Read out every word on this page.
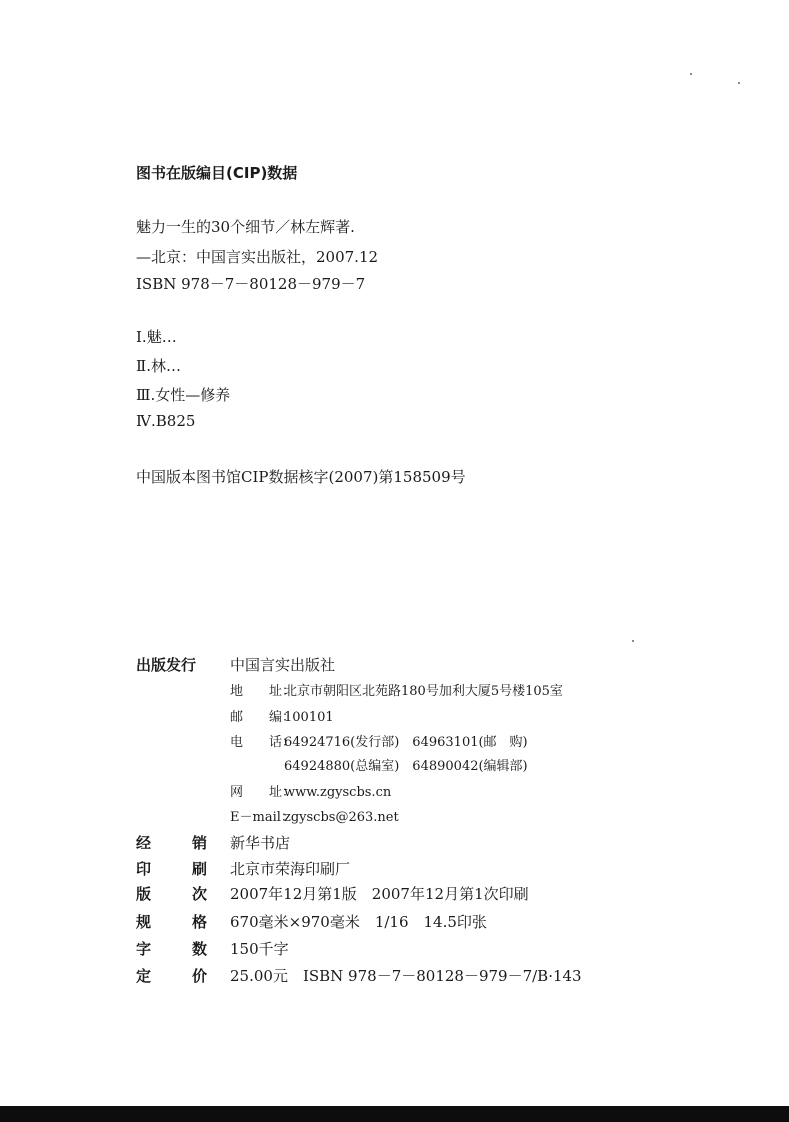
图书在版编目(CIP)数据
魅力一生的30个细节／林左辉著.
—北京：中国言实出版社，2007.12
ISBN 978－7－80128－979－7
Ⅰ.魅…
Ⅱ.林…
Ⅲ.女性—修养
Ⅳ.B825
中国版本图书馆CIP数据核字(2007)第158509号
出版发行 中国言实出版社
地　　址：北京市朝阳区北苑路180号加利大厦5号楼105室
邮　　编：100101
电　　话：64924716(发行部)　64963101(邮　购)
64924880(总编室)　64890042(编辑部)
网　　址：www.zgyscbs.cn
E－mail：zgyscbs@263.net
经	销 新华书店
印	刷 北京市荣海印刷厂
版	次 2007年12月第1版　2007年12月第1次印刷
规	格 670毫米×970毫米　1/16　14.5印张
字	数 150千字
定	价 25.00元　ISBN 978－7－80128－979－7/B·143
